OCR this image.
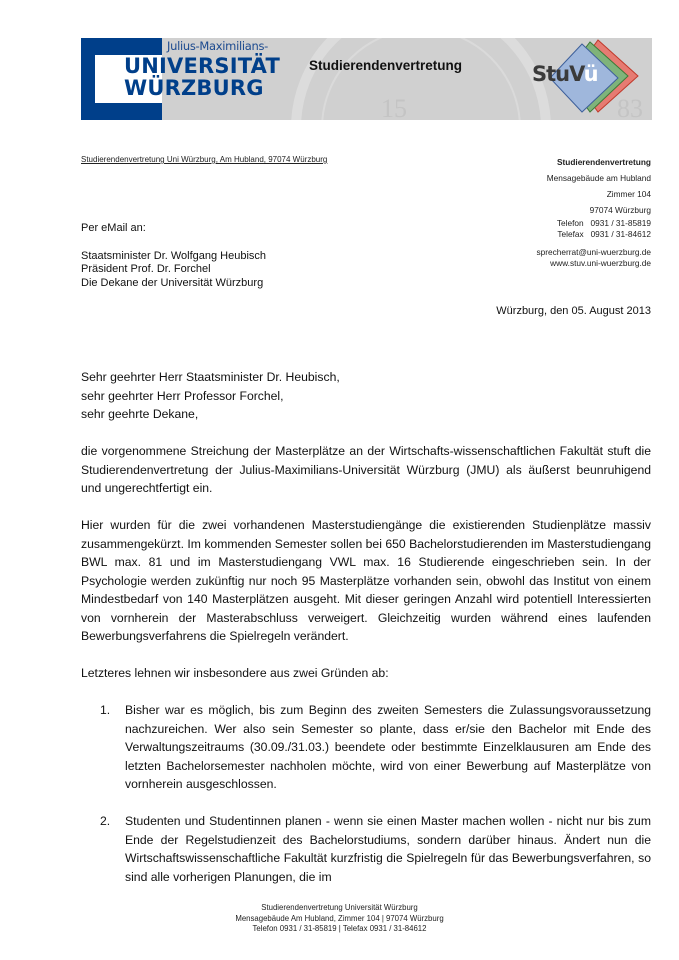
15	83
Julius-Maximilians-
UNIVERSITÄT
WÜRZBURG
Studierendenvertretung	StuVü
Studierendenvertretung Uni Würzburg, Am Hubland, 97074 Würzburg	Studierendenvertretung
Mensagebäude am Hubland
Zimmer 104
97074 Würzburg
Telefon   0931 / 31-85819
Telefax   0931 / 31-84612
sprecherrat@uni-wuerzburg.de
www.stuv.uni-wuerzburg.de
Per eMail an:
Staatsminister Dr. Wolfgang Heubisch
Präsident Prof. Dr. Forchel
Die Dekane der Universität Würzburg
Würzburg, den 05. August 2013
Sehr geehrter Herr Staatsminister Dr. Heubisch,
sehr geehrter Herr Professor Forchel,
sehr geehrte Dekane,

die vorgenommene Streichung der Masterplätze an der Wirtschafts-wissenschaftlichen Fakultät stuft die Studierendenvertretung der Julius-Maximilians-Universität Würzburg (JMU) als äußerst beunruhigend und ungerechtfertigt ein.

Hier wurden für die zwei vorhandenen Masterstudiengänge die existierenden Studienplätze massiv zusammengekürzt. Im kommenden Semester sollen bei 650 Bachelorstudierenden im Masterstudiengang BWL max. 81 und im Masterstudiengang VWL max. 16 Studierende eingeschrieben sein. In der Psychologie werden zukünftig nur noch 95 Masterplätze vorhanden sein, obwohl das Institut von einem Mindestbedarf von 140 Masterplätzen ausgeht. Mit dieser geringen Anzahl wird potentiell Interessierten von vornherein der Masterabschluss verweigert. Gleichzeitig wurden während eines laufenden Bewerbungsverfahrens die Spielregeln verändert.

Letzteres lehnen wir insbesondere aus zwei Gründen ab:

1. Bisher war es möglich, bis zum Beginn des zweiten Semesters die Zulassungsvoraussetzung nachzureichen. Wer also sein Semester so plante, dass er/sie den Bachelor mit Ende des Verwaltungszeitraums (30.09./31.03.) beendete oder bestimmte Einzelklausuren am Ende des letzten Bachelorsemester nachholen möchte, wird von einer Bewerbung auf Masterplätze von vornherein ausgeschlossen.
2. Studenten und Studentinnen planen - wenn sie einen Master machen wollen - nicht nur bis zum Ende der Regelstudienzeit des Bachelorstudiums, sondern darüber hinaus. Ändert nun die Wirtschaftswissenschaftliche Fakultät kurzfristig die Spielregeln für das Bewerbungsverfahren, so sind alle vorherigen Planungen, die im
Studierendenvertretung Universität Würzburg
Mensagebäude Am Hubland, Zimmer 104 | 97074 Würzburg
Telefon 0931 / 31-85819 | Telefax 0931 / 31-84612
